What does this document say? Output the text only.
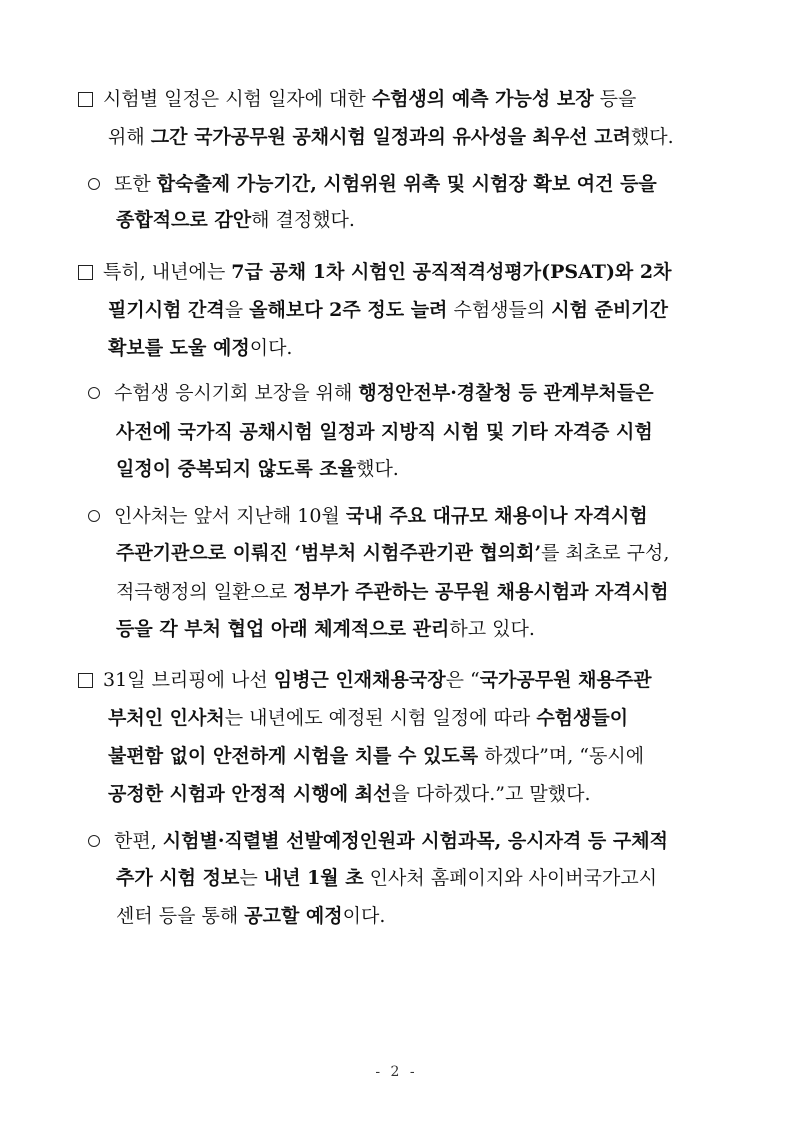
시험별 일정은 시험 일자에 대한 수험생의 예측 가능성 보장 등을
위해 그간 국가공무원 공채시험 일정과의 유사성을 최우선 고려 했다.
또한 합숙출제 가능기간, 시험위원 위촉 및 시험장 확보 여건 등을
종합적으로 감안 해 결정했다.
특히, 내년에는 7급 공채 1차 시험인 공직적격성평가(PSAT)와 2차
필기시험 간격 을 올해보다 2주 정도 늘려 수험생들의 시험 준비기간
확보를 도울 예정 이다.
수험생 응시기회 보장을 위해 행정안전부·경찰청 등 관계부처들은
사전에 국가직 공채시험 일정과 지방직 시험 및 기타 자격증 시험
일정이 중복되지 않도록 조율 했다.
인사처는 앞서 지난해 10월 국내 주요 대규모 채용이나 자격시험
주관기관으로 이뤄진 ‘범부처 시험주관기관 협의회’ 를 최초로 구성,
적극행정의 일환으로 정부가 주관하는 공무원 채용시험과 자격시험
등을 각 부처 협업 아래 체계적으로 관리 하고 있다.
31일 브리핑에 나선 임병근 인재채용국장 은 “ 국가공무원 채용주관
부처인 인사처 는 내년에도 예정된 시험 일정에 따라 수험생들이
불편함 없이 안전하게 시험을 치를 수 있도록 하겠다”며, “동시에
공정한 시험과 안정적 시행에 최선 을 다하겠다.”고 말했다.
한편, 시험별·직렬별 선발예정인원과 시험과목, 응시자격 등 구체적
추가 시험 정보 는 내년 1월 초 인사처 홈페이지와 사이버국가고시
센터 등을 통해 공고할 예정 이다.
- 2 -
